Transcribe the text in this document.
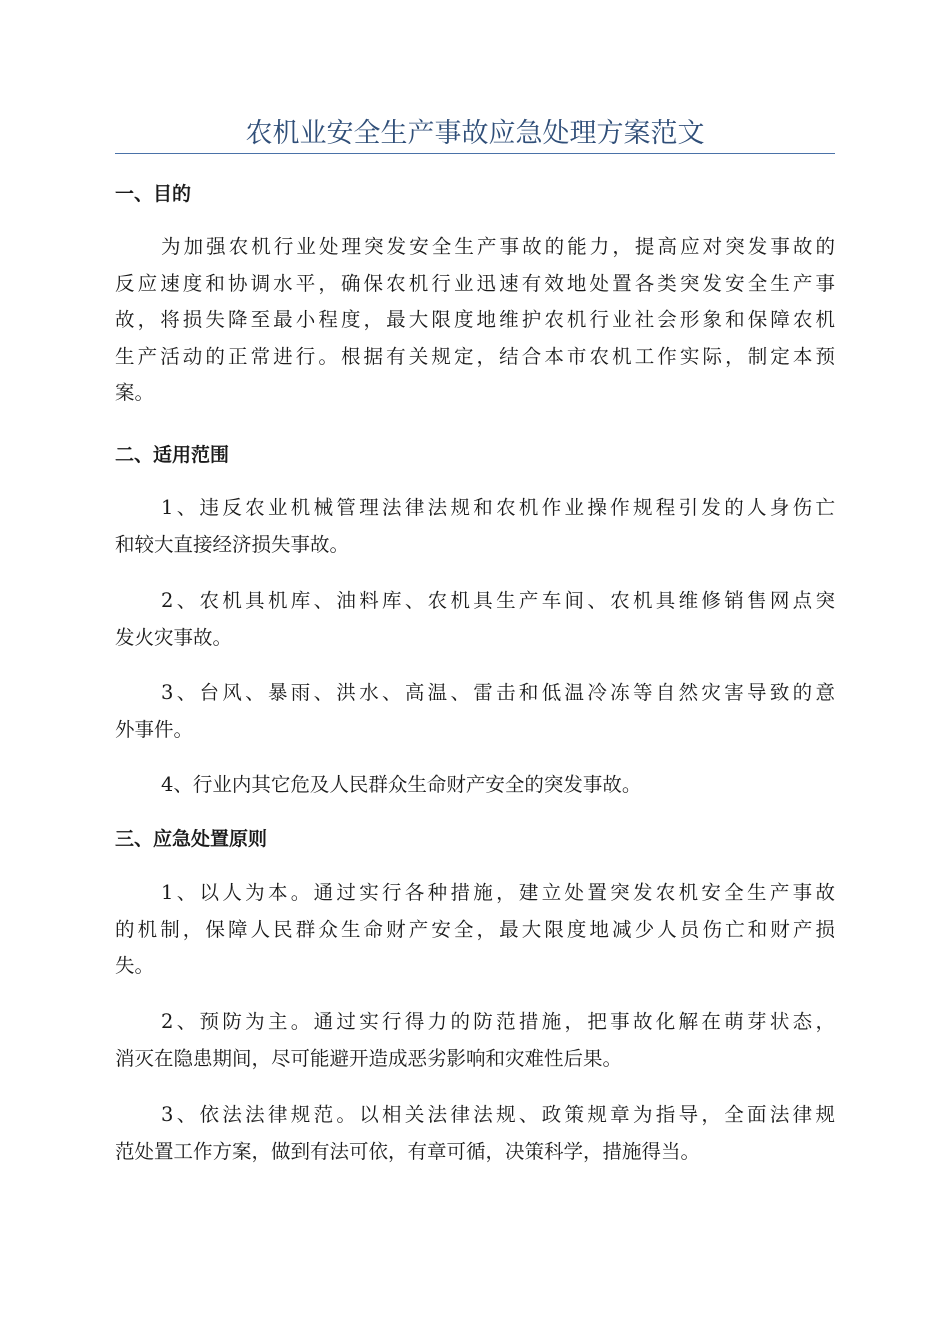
农机业安全生产事故应急处理方案范文
一、目的
为加强农机行业处理突发安全生产事故的能力，提高应对突发事故的
反应速度和协调水平，确保农机行业迅速有效地处置各类突发安全生产事
故，将损失降至最小程度，最大限度地维护农机行业社会形象和保障农机
生产活动的正常进行。根据有关规定，结合本市农机工作实际，制定本预
案。
二、适用范围
1、违反农业机械管理法律法规和农机作业操作规程引发的人身伤亡
和较大直接经济损失事故。
2、农机具机库、油料库、农机具生产车间、农机具维修销售网点突
发火灾事故。
3、台风、暴雨、洪水、高温、雷击和低温冷冻等自然灾害导致的意
外事件。
4、行业内其它危及人民群众生命财产安全的突发事故。
三、应急处置原则
1、以人为本。通过实行各种措施，建立处置突发农机安全生产事故
的机制，保障人民群众生命财产安全，最大限度地减少人员伤亡和财产损
失。
2、预防为主。通过实行得力的防范措施，把事故化解在萌芽状态，
消灭在隐患期间，尽可能避开造成恶劣影响和灾难性后果。
3、依法法律规范。以相关法律法规、政策规章为指导，全面法律规
范处置工作方案，做到有法可依，有章可循，决策科学，措施得当。
